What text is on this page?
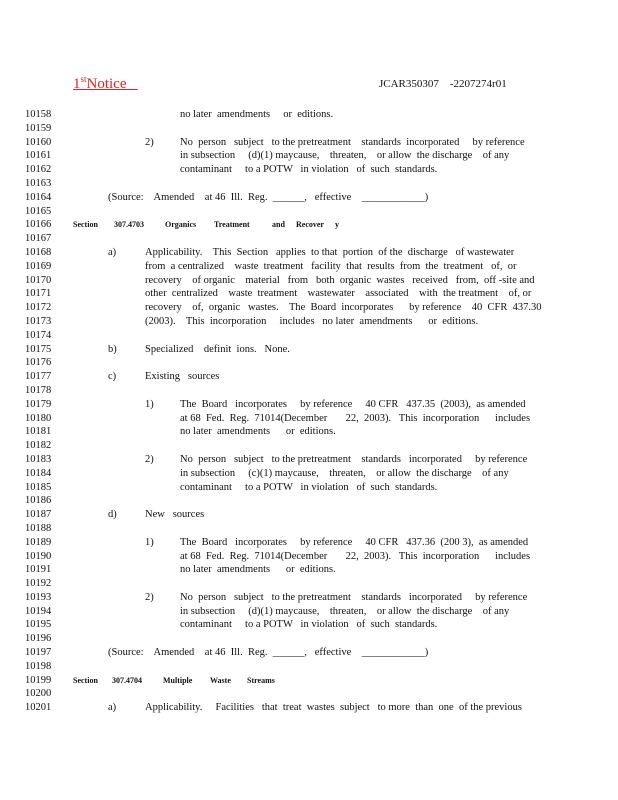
1stNotice	JCAR350307    -2207274r01
10158	no later  amendments     or  editions.
10159
10160	2)	No  person   subject   to the pretreatment    standards  incorporated     by reference
10161	in subsection     (d)(1) maycause,    threaten,    or allow  the discharge    of any
10162	contaminant     to a POTW   in violation   of  such  standards.
10163
10164	(Source:    Amended    at 46  Ill.  Reg.  ______,   effective    ____________)
10165
10166	Section 307.4703	Organics Treatment	and Recover y
10167
10168	a)	Applicability.    This  Section   applies  to that  portion  of the  discharge   of wastewater
10169	from  a centralized    waste  treatment   facility  that  results  from  the  treatment   of,  or
10170	recovery    of organic    material   from   both  organic  wastes   received   from,  off -site and
10171	other  centralized    waste  treatment    wastewater    associated    with  the treatment    of, or
10172	recovery    of,  organic   wastes.    The  Board  incorporates      by reference    40  CFR  437.30
10173	(2003).    This  incorporation     includes   no later  amendments      or  editions.
10174
10175	b)	Specialized    definit  ions.   None.
10176
10177	c)	Existing   sources
10178
10179	1)	The  Board   incorporates     by reference     40 CFR   437.35  (2003),  as amended
10180	at 68  Fed.  Reg.  71014(December       22,  2003).   This  incorporation      includes
10181	no later  amendments      or  editions.
10182
10183	2)	No  person   subject   to the pretreatment    standards   incorporated     by reference
10184	in subsection     (c)(1) maycause,    threaten,    or allow  the discharge    of any
10185	contaminant     to a POTW   in violation   of  such  standards.
10186
10187	d)	New   sources
10188
10189	1)	The  Board   incorporates     by reference     40 CFR   437.36  (200 3),  as amended
10190	at 68  Fed.  Reg.  71014(December       22,  2003).   This  incorporation      includes
10191	no later  amendments      or  editions.
10192
10193	2)	No  person   subject   to the pretreatment    standards   incorporated     by reference
10194	in subsection     (d)(1) maycause,    threaten,    or allow  the discharge    of any
10195	contaminant     to a POTW   in violation   of  such  standards.
10196
10197	(Source:    Amended    at 46  Ill.  Reg.  ______,   effective    ____________)
10198
10199	Section 307.4704	Multiple Waste Streams
10200
10201	a)	Applicability.     Facilities   that  treat  wastes  subject   to more  than  one  of the previous
